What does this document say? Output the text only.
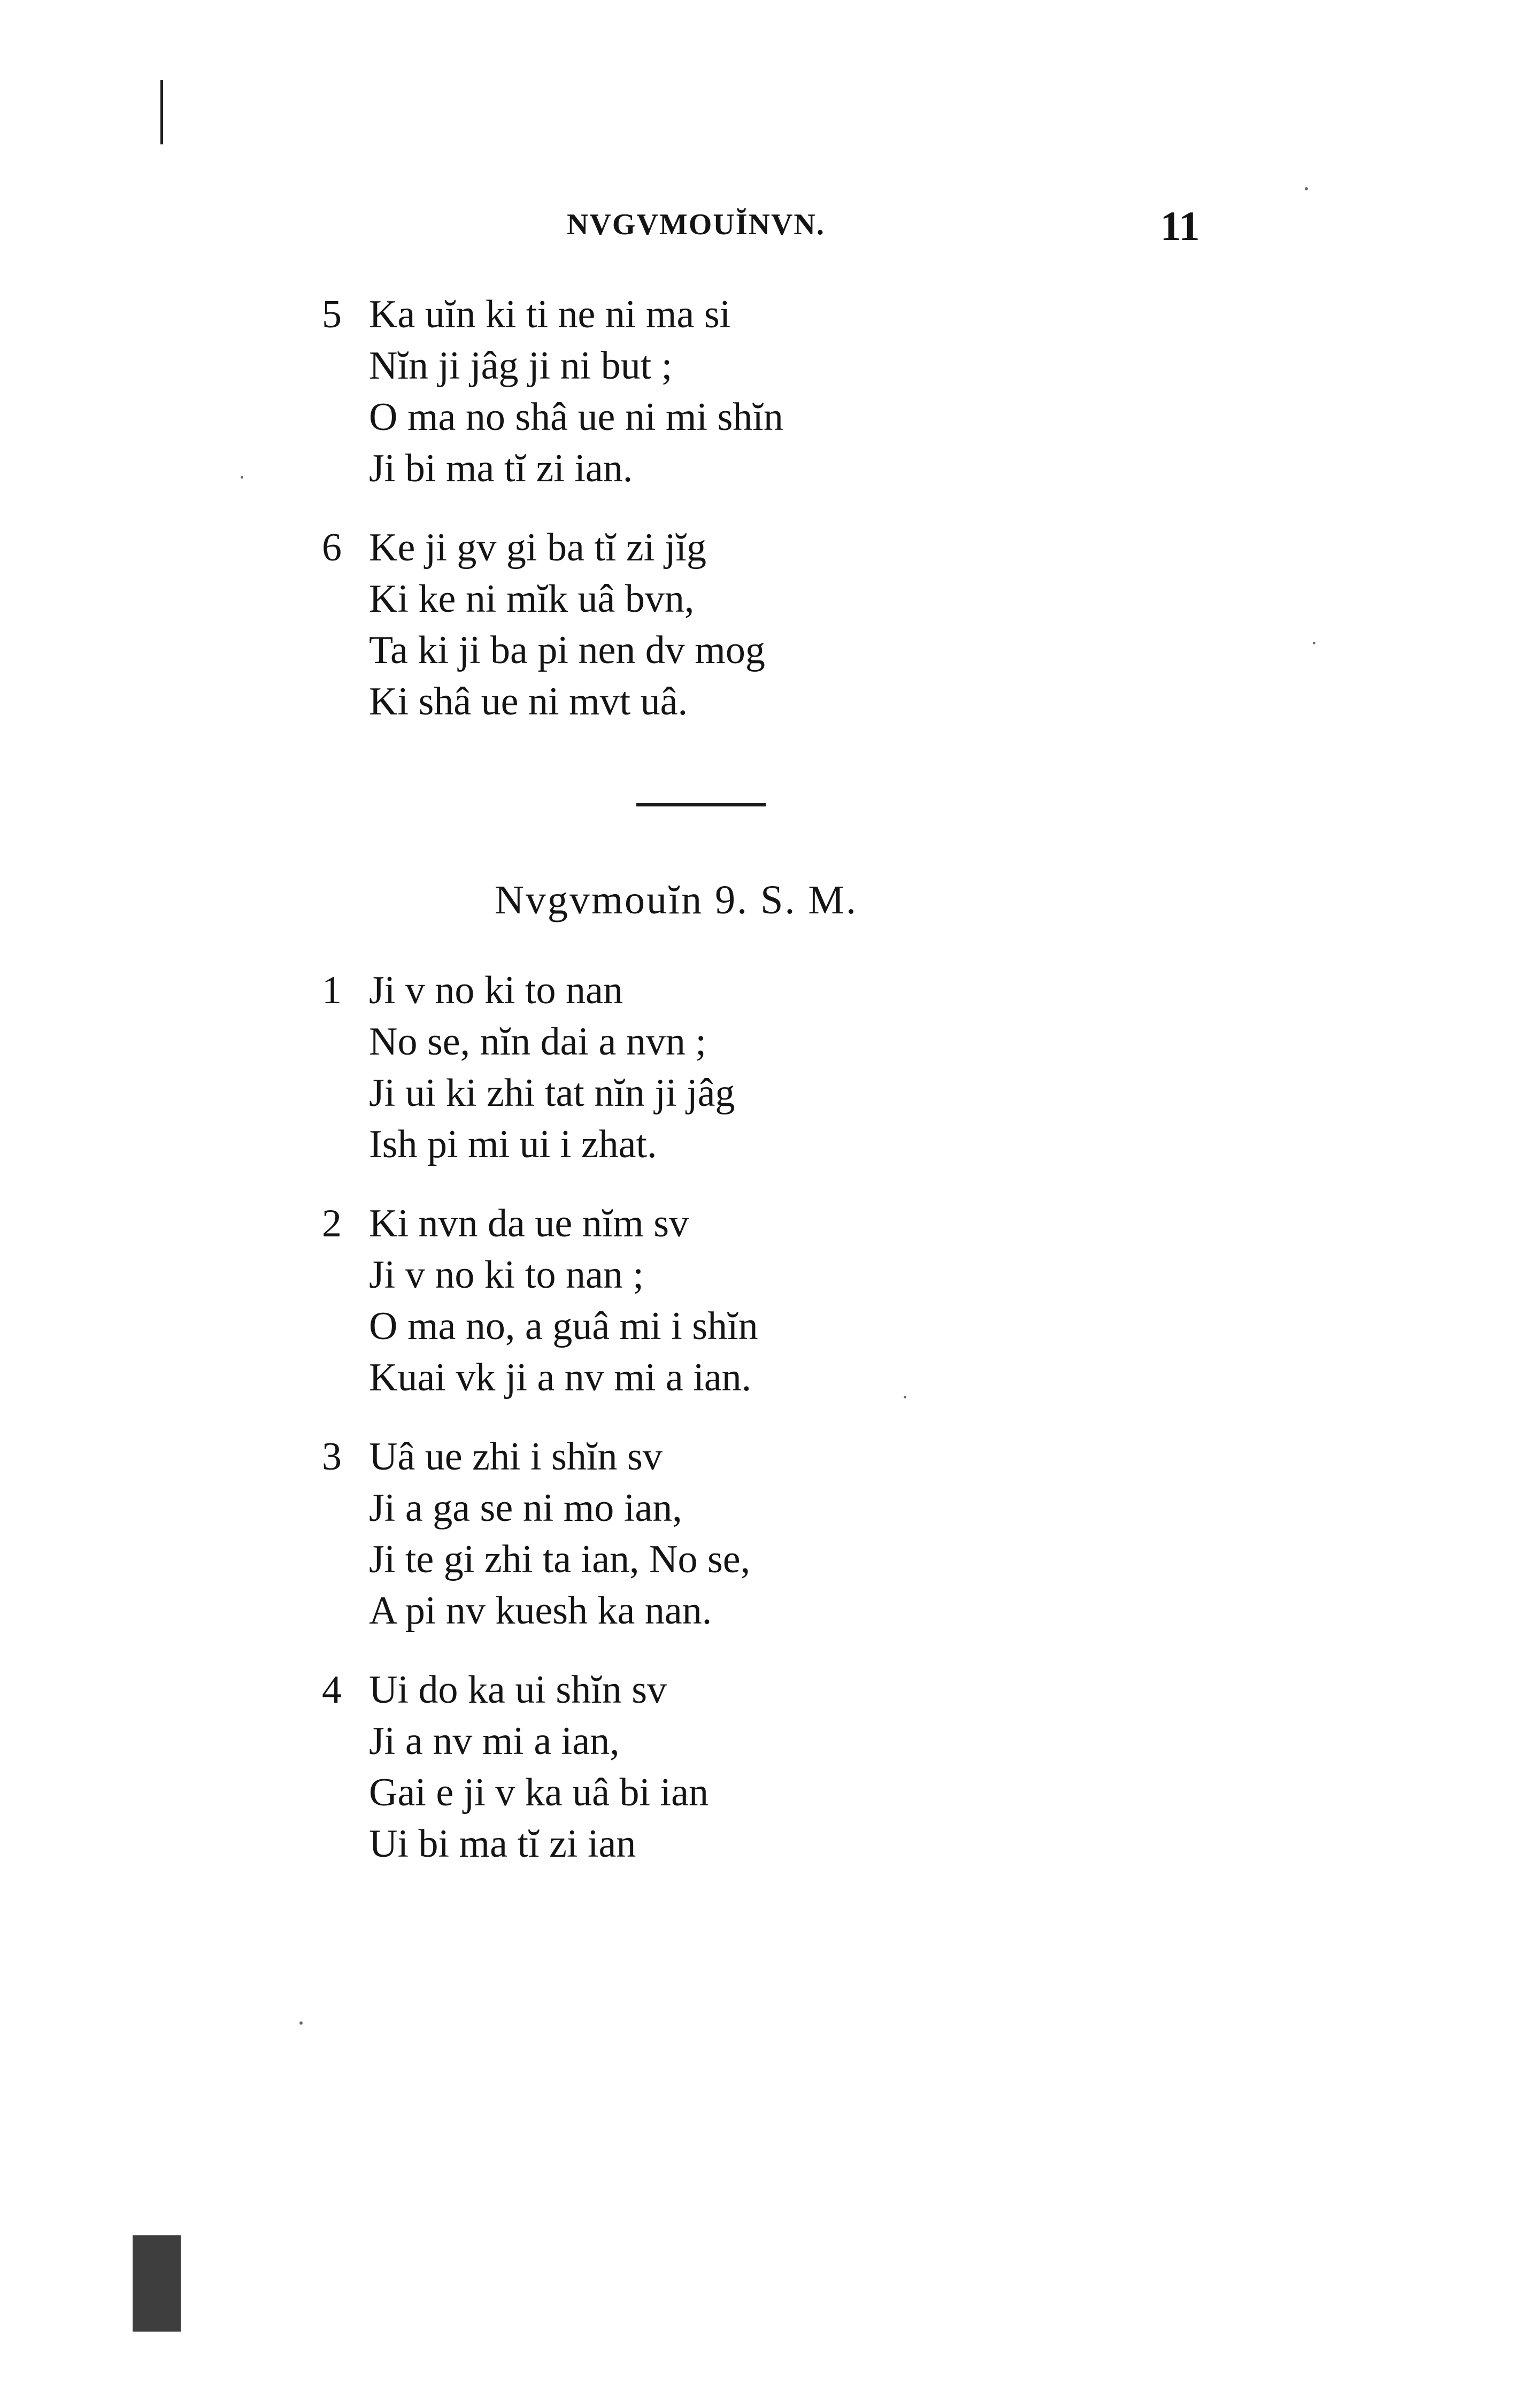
NVGVMOUĬNVN.	11
5 Ka uĭn ki ti ne ni ma si
Nĭn ji jâg ji ni but ;
O ma no shâ ue ni mi shĭn
Ji bi ma tĭ zi ian.
6 Ke ji gv gi ba tĭ zi jĭg
Ki ke ni mĭk uâ bvn,
Ta ki ji ba pi nen dv mog
Ki shâ ue ni mvt uâ.
Nvgvmouĭn 9. S. M.
1 Ji v no ki to nan
No se, nĭn dai a nvn ;
Ji ui ki zhi tat nĭn ji jâg
Ish pi mi ui i zhat.
2 Ki nvn da ue nĭm sv
Ji v no ki to nan ;
O ma no, a guâ mi i shĭn
Kuai vk ji a nv mi a ian.
3 Uâ ue zhi i shĭn sv
Ji a ga se ni mo ian,
Ji te gi zhi ta ian, No se,
A pi nv kuesh ka nan.
4 Ui do ka ui shĭn sv
Ji a nv mi a ian,
Gai e ji v ka uâ bi ian
Ui bi ma tĭ zi ian
